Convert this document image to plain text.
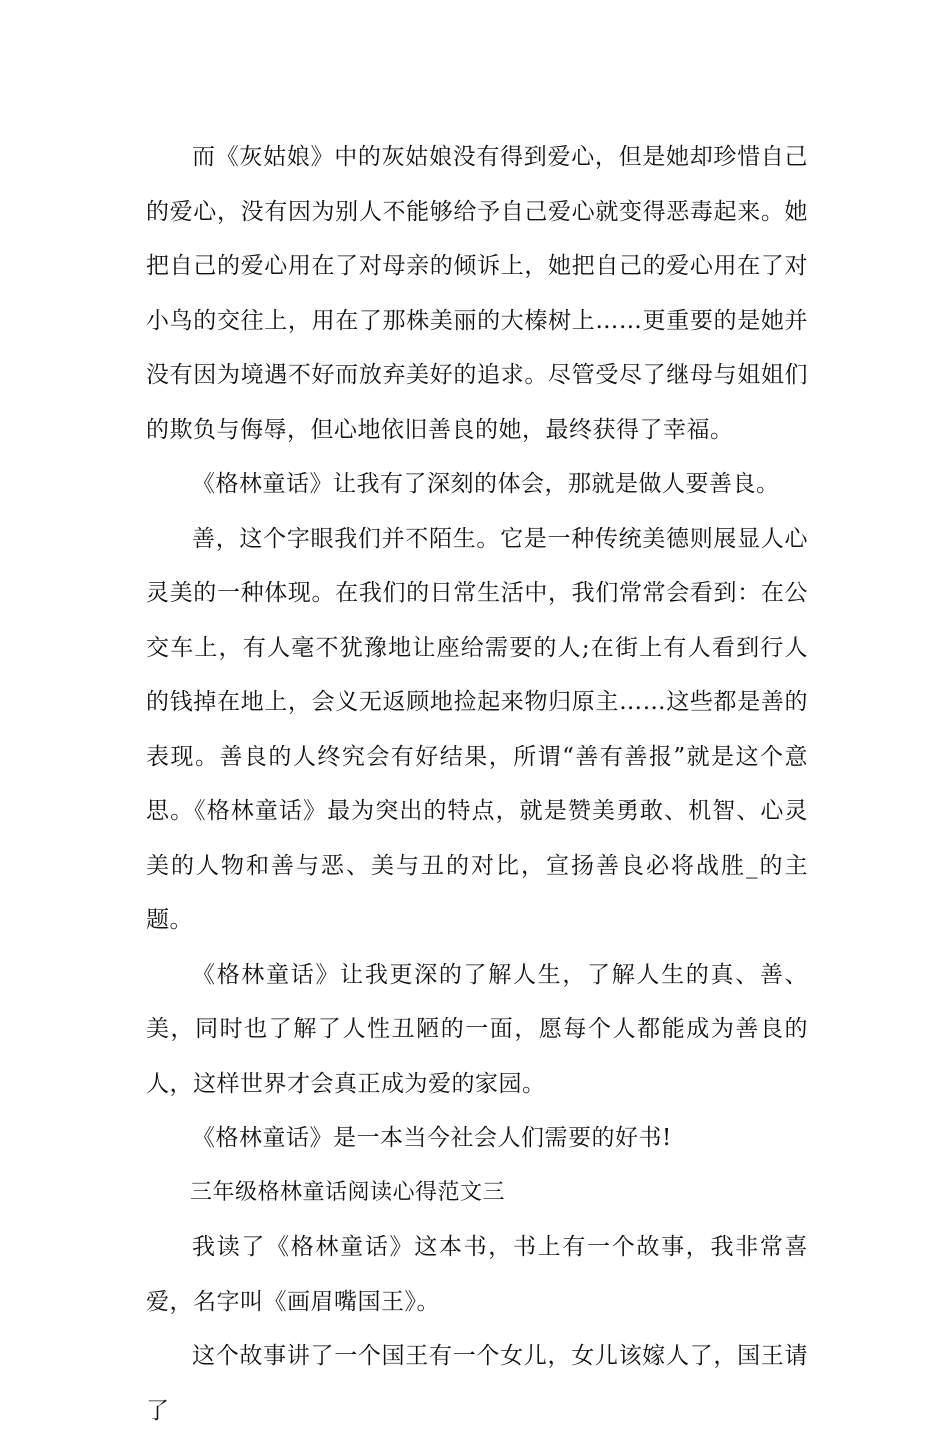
而《灰姑娘》中的灰姑娘没有得到爱心，但是她却珍惜自己的爱心，没有因为别人不能够给予自己爱心就变得恶毒起来。她把自己的爱心用在了对母亲的倾诉上，她把自己的爱心用在了对小鸟的交往上，用在了那株美丽的大榛树上……更重要的是她并没有因为境遇不好而放弃美好的追求。尽管受尽了继母与姐姐们的欺负与侮辱，但心地依旧善良的她，最终获得了幸福。

《格林童话》让我有了深刻的体会，那就是做人要善良。

善，这个字眼我们并不陌生。它是一种传统美德则展显人心灵美的一种体现。在我们的日常生活中，我们常常会看到：在公交车上，有人毫不犹豫地让座给需要的人;在街上有人看到行人的钱掉在地上，会义无返顾地捡起来物归原主……这些都是善的表现。善良的人终究会有好结果，所谓“善有善报”就是这个意思。《格林童话》最为突出的特点，就是赞美勇敢、机智、心灵美的人物和善与恶、美与丑的对比，宣扬善良必将战胜_的主题。

《格林童话》让我更深的了解人生，了解人生的真、善、美，同时也了解了人性丑陋的一面，愿每个人都能成为善良的人，这样世界才会真正成为爱的家园。

《格林童话》是一本当今社会人们需要的好书!

三年级格林童话阅读心得范文三

我读了《格林童话》这本书，书上有一个故事，我非常喜爱，名字叫《画眉嘴国王》。

这个故事讲了一个国王有一个女儿，女儿该嫁人了，国王请了
